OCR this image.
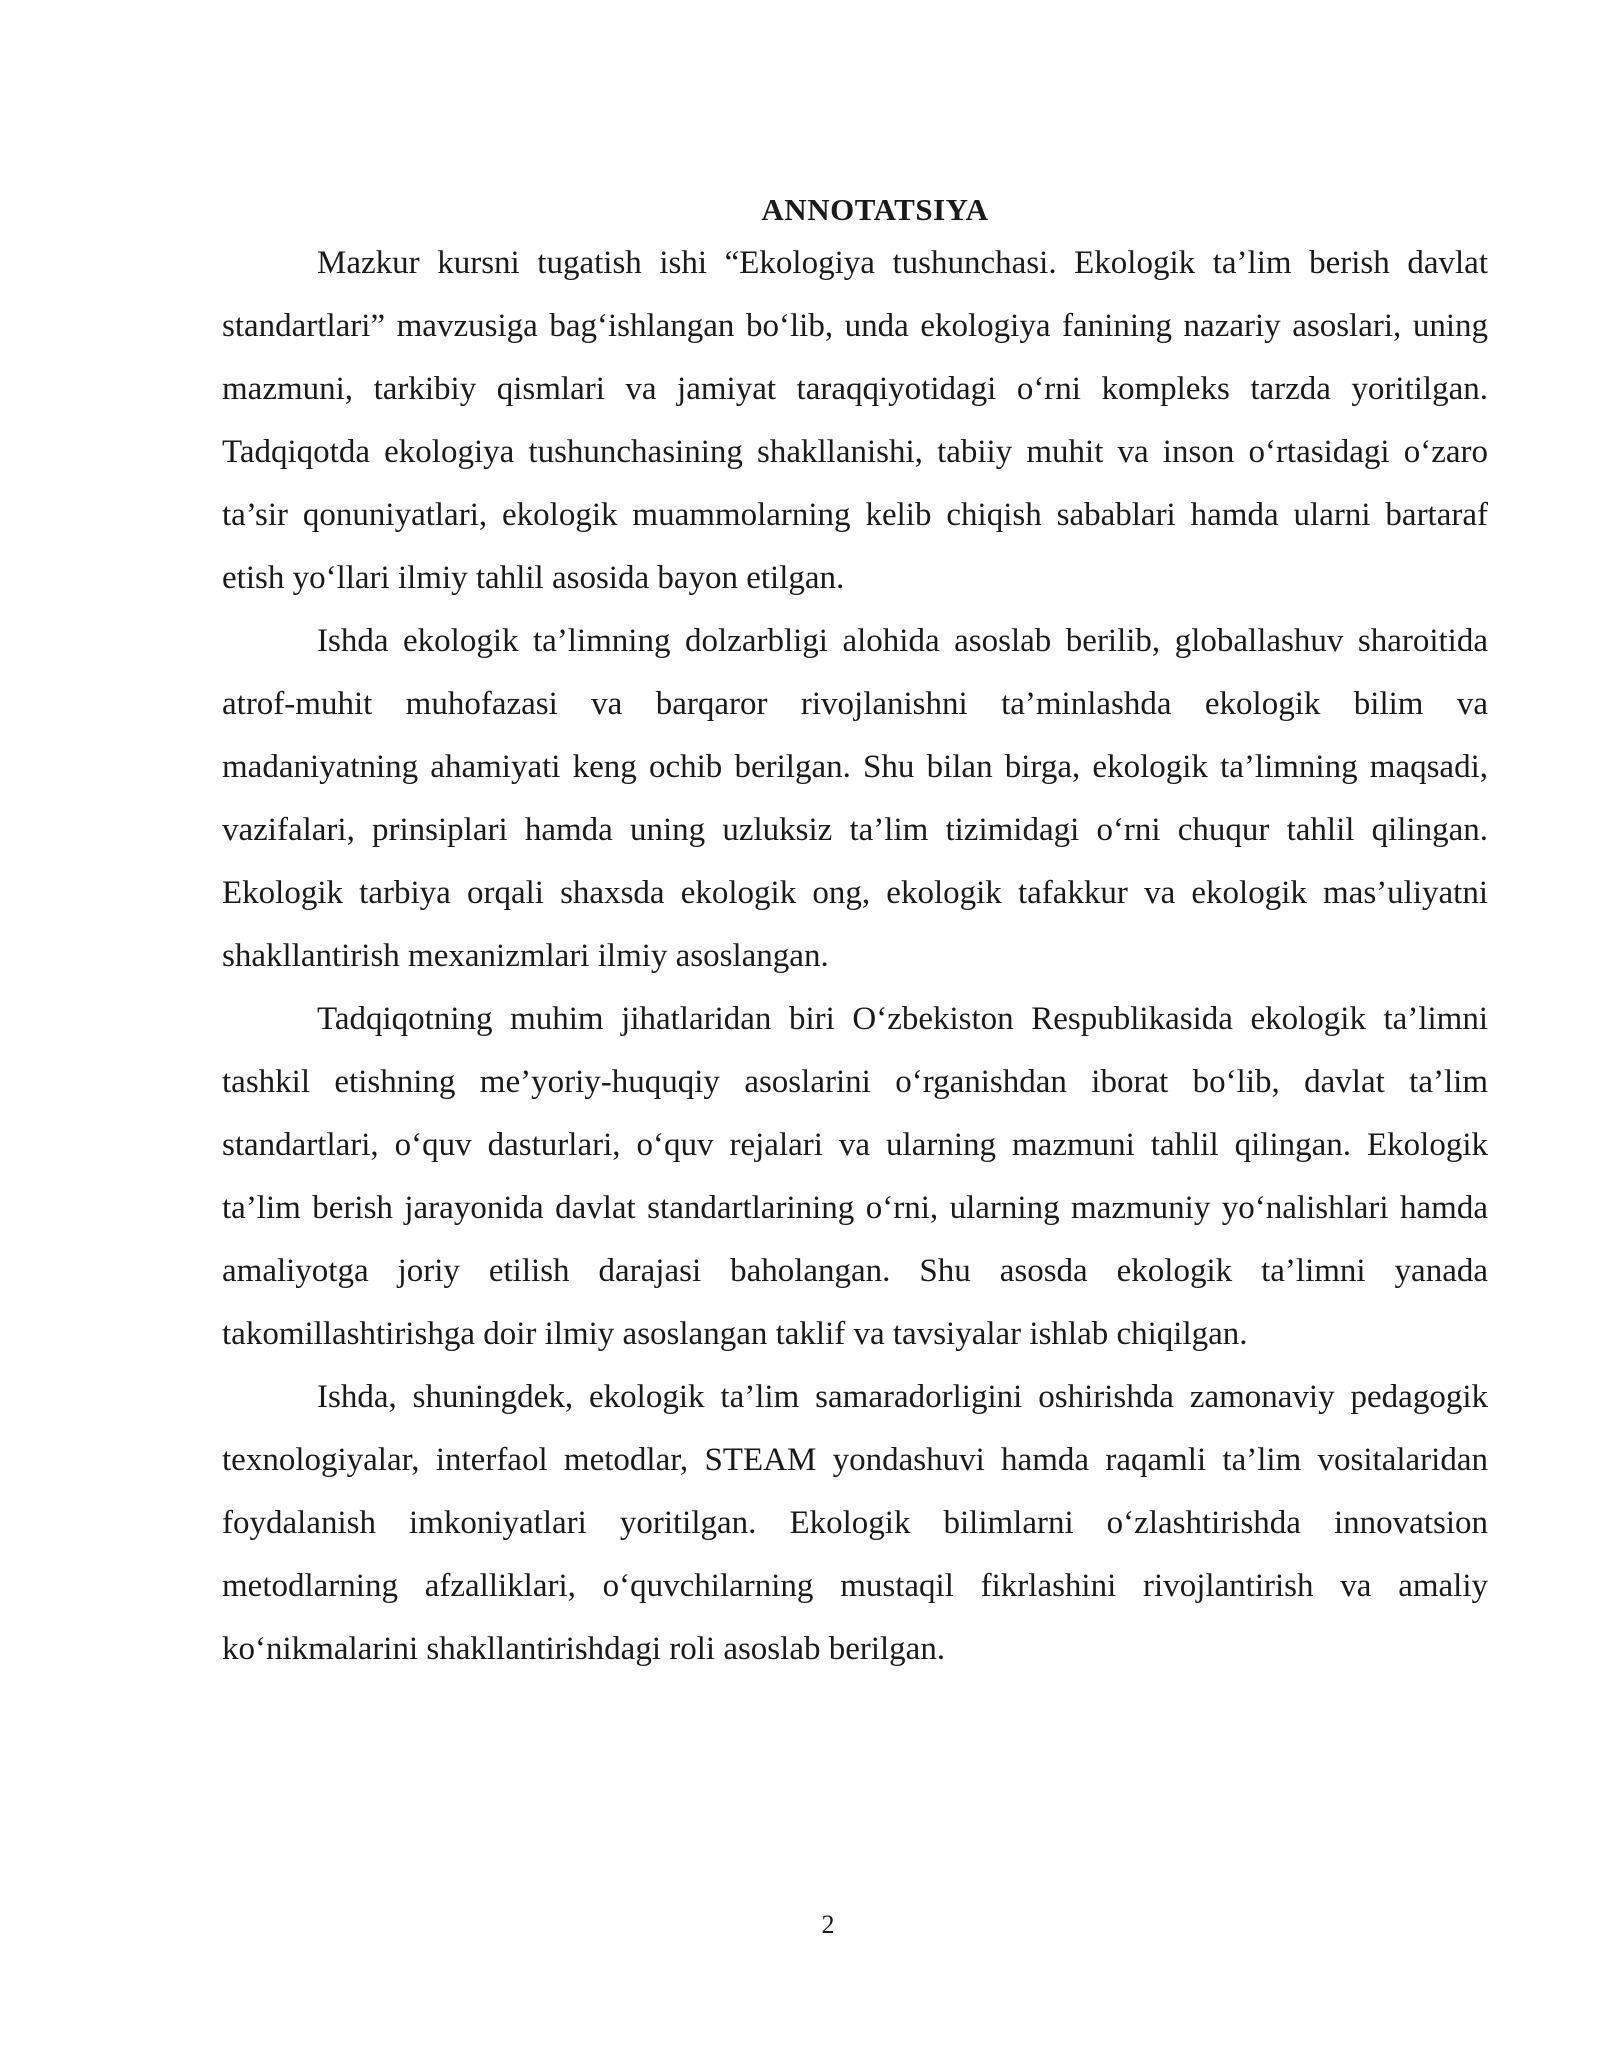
ANNOTATSIYA

Mazkur kursni tugatish ishi “Ekologiya tushunchasi. Ekologik ta’lim berish davlat standartlari” mavzusiga bag‘ishlangan bo‘lib, unda ekologiya fanining nazariy asoslari, uning mazmuni, tarkibiy qismlari va jamiyat taraqqiyotidagi o‘rni kompleks tarzda yoritilgan. Tadqiqotda ekologiya tushunchasining shakllanishi, tabiiy muhit va inson o‘rtasidagi o‘zaro ta’sir qonuniyatlari, ekologik muammolarning kelib chiqish sabablari hamda ularni bartaraf etish yo‘llari ilmiy tahlil asosida bayon etilgan.

Ishda ekologik ta’limning dolzarbligi alohida asoslab berilib, globallashuv sharoitida atrof-muhit muhofazasi va barqaror rivojlanishni ta’minlashda ekologik bilim va madaniyatning ahamiyati keng ochib berilgan. Shu bilan birga, ekologik ta’limning maqsadi, vazifalari, prinsiplari hamda uning uzluksiz ta’lim tizimidagi o‘rni chuqur tahlil qilingan. Ekologik tarbiya orqali shaxsda ekologik ong, ekologik tafakkur va ekologik mas’uliyatni shakllantirish mexanizmlari ilmiy asoslangan.

Tadqiqotning muhim jihatlaridan biri O‘zbekiston Respublikasida ekologik ta’limni tashkil etishning me’yoriy-huquqiy asoslarini o‘rganishdan iborat bo‘lib, davlat ta’lim standartlari, o‘quv dasturlari, o‘quv rejalari va ularning mazmuni tahlil qilingan. Ekologik ta’lim berish jarayonida davlat standartlarining o‘rni, ularning mazmuniy yo‘nalishlari hamda amaliyotga joriy etilish darajasi baholangan. Shu asosda ekologik ta’limni yanada takomillashtirishga doir ilmiy asoslangan taklif va tavsiyalar ishlab chiqilgan.

Ishda, shuningdek, ekologik ta’lim samaradorligini oshirishda zamonaviy pedagogik texnologiyalar, interfaol metodlar, STEAM yondashuvi hamda raqamli ta’lim vositalaridan foydalanish imkoniyatlari yoritilgan. Ekologik bilimlarni o‘zlashtirishda innovatsion metodlarning afzalliklari, o‘quvchilarning mustaqil fikrlashini rivojlantirish va amaliy ko‘nikmalarini shakllantirishdagi roli asoslab berilgan.

2
